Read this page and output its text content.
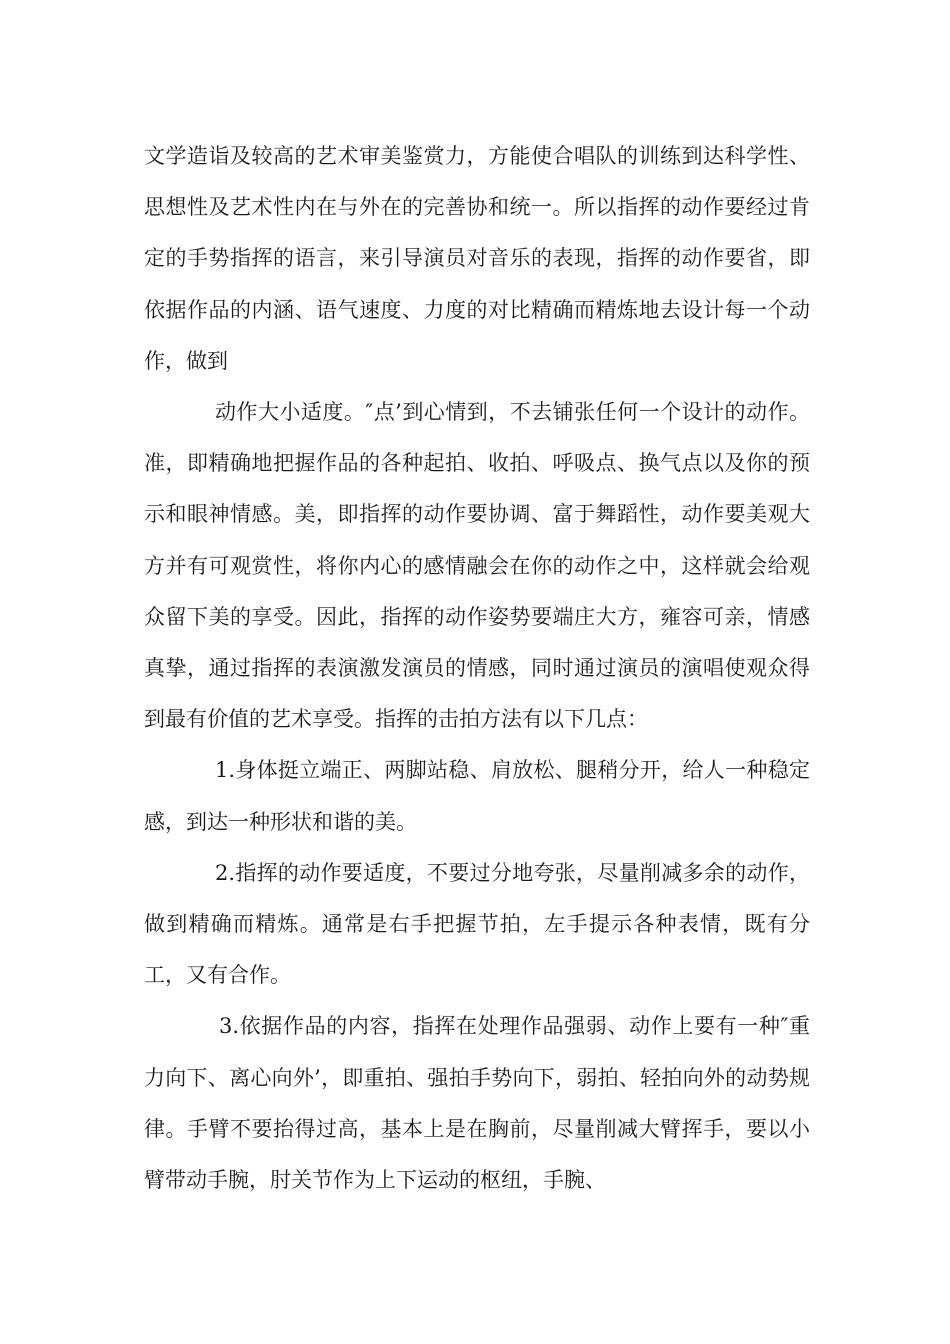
文学造诣及较高的艺术审美鉴赏力，方能使合唱队的训练到达科学性、思想性及艺术性内在与外在的完善协和统一。所以指挥的动作要经过肯定的手势指挥的语言，来引导演员对音乐的表现，指挥的动作要省，即依据作品的内涵、语气速度、力度的对比精确而精炼地去设计每一个动作，做到

动作大小适度。″点’到心情到，不去铺张任何一个设计的动作。准，即精确地把握作品的各种起拍、收拍、呼吸点、换气点以及你的预示和眼神情感。美，即指挥的动作要协调、富于舞蹈性，动作要美观大方并有可观赏性，将你内心的感情融会在你的动作之中，这样就会给观众留下美的享受。因此，指挥的动作姿势要端庄大方，雍容可亲，情感真挚，通过指挥的表演激发演员的情感，同时通过演员的演唱使观众得到最有价值的艺术享受。指挥的击拍方法有以下几点：

1.身体挺立端正、两脚站稳、肩放松、腿稍分开，给人一种稳定感，到达一种形状和谐的美。

2.指挥的动作要适度，不要过分地夸张，尽量削减多余的动作，做到精确而精炼。通常是右手把握节拍，左手提示各种表情，既有分工，又有合作。

3.依据作品的内容，指挥在处理作品强弱、动作上要有一种″重力向下、离心向外’，即重拍、强拍手势向下，弱拍、轻拍向外的动势规律。手臂不要抬得过高，基本上是在胸前，尽量削减大臂挥手，要以小臂带动手腕，肘关节作为上下运动的枢纽，手腕、
